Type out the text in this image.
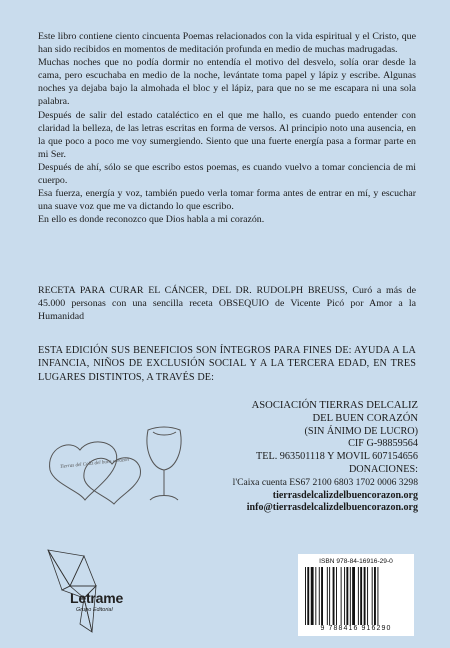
Este libro contiene ciento cincuenta Poemas relacionados con la vida espiritual y el Cristo, que han sido recibidos en momentos de meditación profunda en medio de muchas madrugadas.

Muchas noches que no podía dormir no entendía el motivo del desvelo, solía orar desde la cama, pero escuchaba en medio de la noche, levántate toma papel y lápiz y escribe. Algunas noches ya dejaba bajo la almohada el bloc y el lápiz, para que no se me escapara ni una sola palabra.

Después de salir del estado cataléctico en el que me hallo, es cuando puedo entender con claridad la belleza, de las letras escritas en forma de versos. Al principio noto una ausencia, en la que poco a poco me voy sumergiendo. Siento que una fuerte energía pasa a formar parte en mi Ser.

Después de ahí, sólo se que escribo estos poemas, es cuando vuelvo a tomar conciencia de mi cuerpo.

Esa fuerza, energía y voz, también puedo verla tomar forma antes de entrar en mí, y escuchar una suave voz que me va dictando lo que escribo.

En ello es donde reconozco que Dios habla a mi corazón.

RECETA PARA CURAR EL CÁNCER, DEL DR. RUDOLPH BREUSS, Curó a más de 45.000 personas con una sencilla receta OBSEQUIO de Vicente Picó por Amor a la Humanidad

ESTA EDICIÓN SUS BENEFICIOS SON ÍNTEGROS PARA FINES DE: AYUDA A LA INFANCIA, NIÑOS DE EXCLUSIÓN SOCIAL Y A LA TERCERA EDAD, EN TRES LUGARES DISTINTOS, A TRAVÉS DE:

Tierras del Caliz del buen corazón
ASOCIACIÓN TIERRAS DELCALIZ
DEL BUEN CORAZÓN
(SIN ÁNIMO DE LUCRO)
CIF G-98859564
TEL. 963501118 Y MOVIL 607154656
DONACIONES:
l'Caixa cuenta ES67 2100 6803 1702 0006 3298
tierrasdelcalizdelbuencorazon.org
info@tierrasdelcalizdelbuencorazon.org
Letrame
Grupo Editorial
ISBN 978-84-16916-29-0
9 788416 916290
